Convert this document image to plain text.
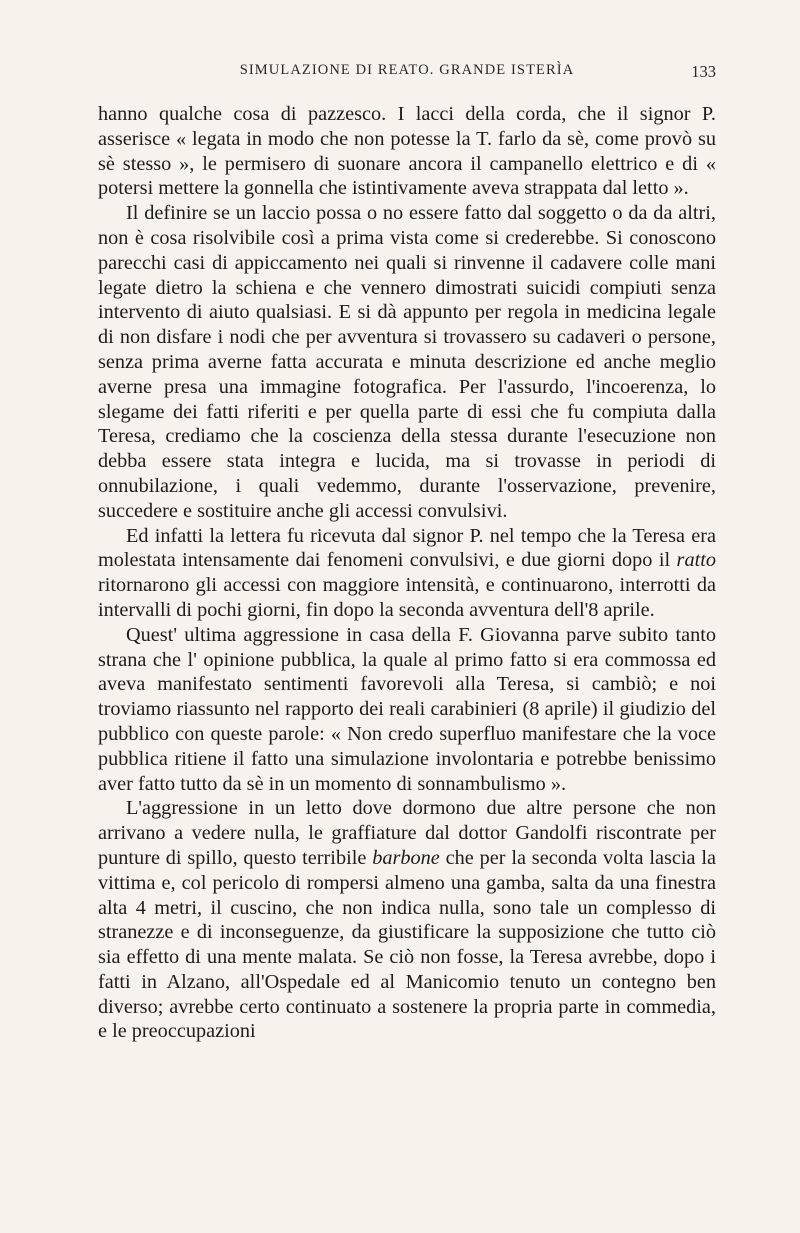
SIMULAZIONE DI REATO. GRANDE ISTERÌA	133

hanno qualche cosa di pazzesco. I lacci della corda, che il signor P. asserisce « legata in modo che non potesse la T. farlo da sè, come provò su sè stesso », le permisero di suonare ancora il campanello elettrico e di « potersi mettere la gonnella che istintivamente aveva strappata dal letto ».

Il definire se un laccio possa o no essere fatto dal soggetto o da da altri, non è cosa risolvibile così a prima vista come si crederebbe. Si conoscono parecchi casi di appiccamento nei quali si rinvenne il cadavere colle mani legate dietro la schiena e che vennero dimostrati suicidi compiuti senza intervento di aiuto qualsiasi. E si dà appunto per regola in medicina legale di non disfare i nodi che per avventura si trovassero su cadaveri o persone, senza prima averne fatta accurata e minuta descrizione ed anche meglio averne presa una immagine fotografica. Per l'assurdo, l'incoerenza, lo slegame dei fatti riferiti e per quella parte di essi che fu compiuta dalla Teresa, crediamo che la coscienza della stessa durante l'esecuzione non debba essere stata integra e lucida, ma si trovasse in periodi di onnubilazione, i quali vedemmo, durante l'osservazione, prevenire, succedere e sostituire anche gli accessi convulsivi.

Ed infatti la lettera fu ricevuta dal signor P. nel tempo che la Teresa era molestata intensamente dai fenomeni convulsivi, e due giorni dopo il ratto ritornarono gli accessi con maggiore intensità, e continuarono, interrotti da intervalli di pochi giorni, fin dopo la seconda avventura dell'8 aprile.

Quest' ultima aggressione in casa della F. Giovanna parve subito tanto strana che l' opinione pubblica, la quale al primo fatto si era commossa ed aveva manifestato sentimenti favorevoli alla Teresa, si cambiò; e noi troviamo riassunto nel rapporto dei reali carabinieri (8 aprile) il giudizio del pubblico con queste parole: « Non credo superfluo manifestare che la voce pubblica ritiene il fatto una simulazione involontaria e potrebbe benissimo aver fatto tutto da sè in un momento di sonnambulismo ».

L'aggressione in un letto dove dormono due altre persone che non arrivano a vedere nulla, le graffiature dal dottor Gandolfi riscontrate per punture di spillo, questo terribile barbone che per la seconda volta lascia la vittima e, col pericolo di rompersi almeno una gamba, salta da una finestra alta 4 metri, il cuscino, che non indica nulla, sono tale un complesso di stranezze e di inconseguenze, da giustificare la supposizione che tutto ciò sia effetto di una mente malata. Se ciò non fosse, la Teresa avrebbe, dopo i fatti in Alzano, all'Ospedale ed al Manicomio tenuto un contegno ben diverso; avrebbe certo continuato a sostenere la propria parte in commedia, e le preoccupazioni
